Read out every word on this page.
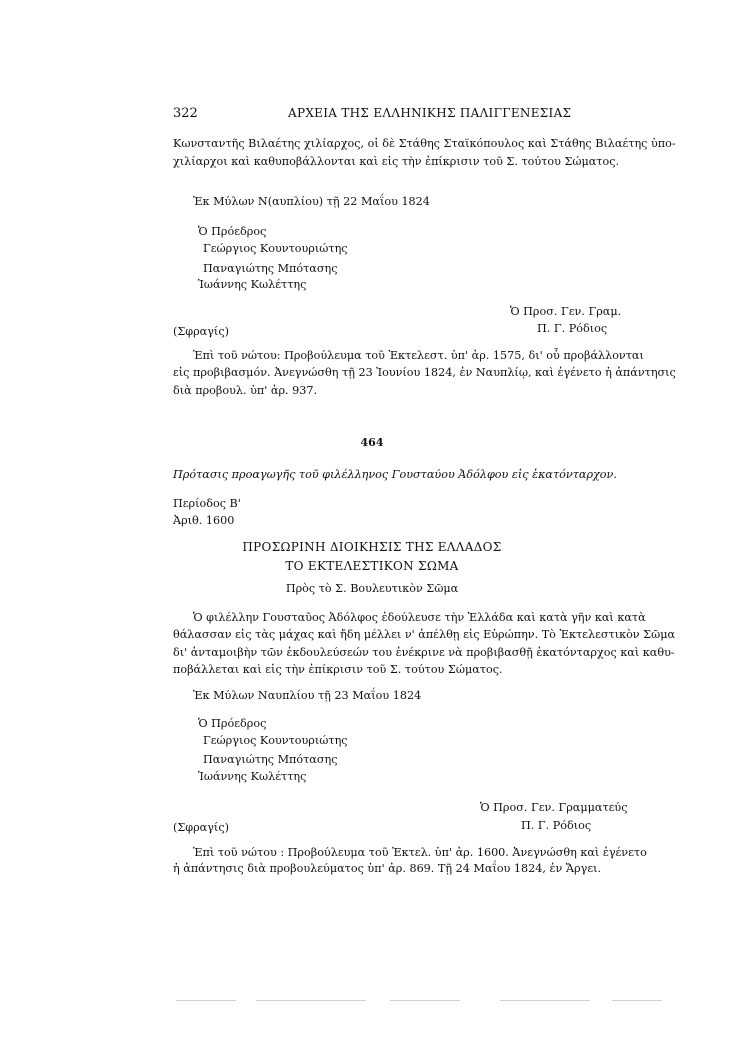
322	ΑΡΧΕΙΑ ΤΗΣ ΕΛΛΗΝΙΚΗΣ ΠΑΛΙΓΓΕΝΕΣΙΑΣ
Κωνσταντῆς Βιλαέτης χιλίαρχος, οἱ δὲ Στάθης Σταϊκόπουλος καὶ Στάθης Βιλαέτης ὑπο-
χιλίαρχοι καὶ καθυποβάλλονται καὶ εἰς τὴν ἐπίκρισιν τοῦ Σ. τούτου Σώματος.
Ἐκ Μύλων Ν(αυπλίου) τῇ 22 Μαΐου 1824
Ὁ Πρόεδρος
Γεώργιος Κουντουριώτης
Παναγιώτης Μπότασης
Ἰωάννης Κωλέττης
Ὁ Προσ. Γεν. Γραμ.
Π. Γ. Ρόδιος
(Σφραγίς)
Ἐπὶ τοῦ νώτου: Προβούλευμα τοῦ Ἐκτελεστ. ὑπ' ἀρ. 1575, δι' οὗ προβάλλονται
εἰς προβιβασμόν. Ἀνεγνώσθη τῇ 23 Ἰουνίου 1824, ἐν Ναυπλίῳ, καὶ ἐγένετο ἡ ἀπάντησις
διὰ προβουλ. ὑπ' ἀρ. 937.
464
Πρότασις προαγωγῆς τοῦ φιλέλληνος Γουσταύου Ἀδόλφου εἰς ἑκατόνταρχον.
Περίοδος Β'
Ἀριθ. 1600
ΠΡΟΣΩΡΙΝΗ ΔΙΟΙΚΗΣΙΣ ΤΗΣ ΕΛΛΑΔΟΣ
ΤΟ ΕΚΤΕΛΕΣΤΙΚΟΝ ΣΩΜΑ
Πρὸς τὸ Σ. Βουλευτικὸν Σῶμα
Ὁ φιλέλλην Γουσταῦος Ἀδόλφος ἐδούλευσε τὴν Ἑλλάδα καὶ κατὰ γῆν καὶ κατὰ
θάλασσαν εἰς τὰς μάχας καὶ ἤδη μέλλει ν' ἀπέλθῃ εἰς Εὐρώπην. Τὸ Ἐκτελεστικὸν Σῶμα
δι' ἀνταμοιβὴν τῶν ἐκδουλεύσεών του ἐνέκρινε νὰ προβιβασθῇ ἑκατόνταρχος καὶ καθυ-
ποβάλλεται καὶ εἰς τὴν ἐπίκρισιν τοῦ Σ. τούτου Σώματος.
Ἐκ Μύλων Ναυπλίου τῇ 23 Μαΐου 1824
Ὁ Πρόεδρος
Γεώργιος Κουντουριώτης
Παναγιώτης Μπότασης
Ἰωάννης Κωλέττης
Ὁ Προσ. Γεν. Γραμματεύς
Π. Γ. Ρόδιος
(Σφραγίς)
Ἐπὶ τοῦ νώτου : Προβούλευμα τοῦ Ἐκτελ. ὑπ' ἀρ. 1600. Ἀνεγνώσθη καὶ ἐγένετο
ἡ ἀπάντησις διὰ προβουλεύματος ὑπ' ἀρ. 869. Τῇ 24 Μαΐου 1824, ἐν Ἄργει.
